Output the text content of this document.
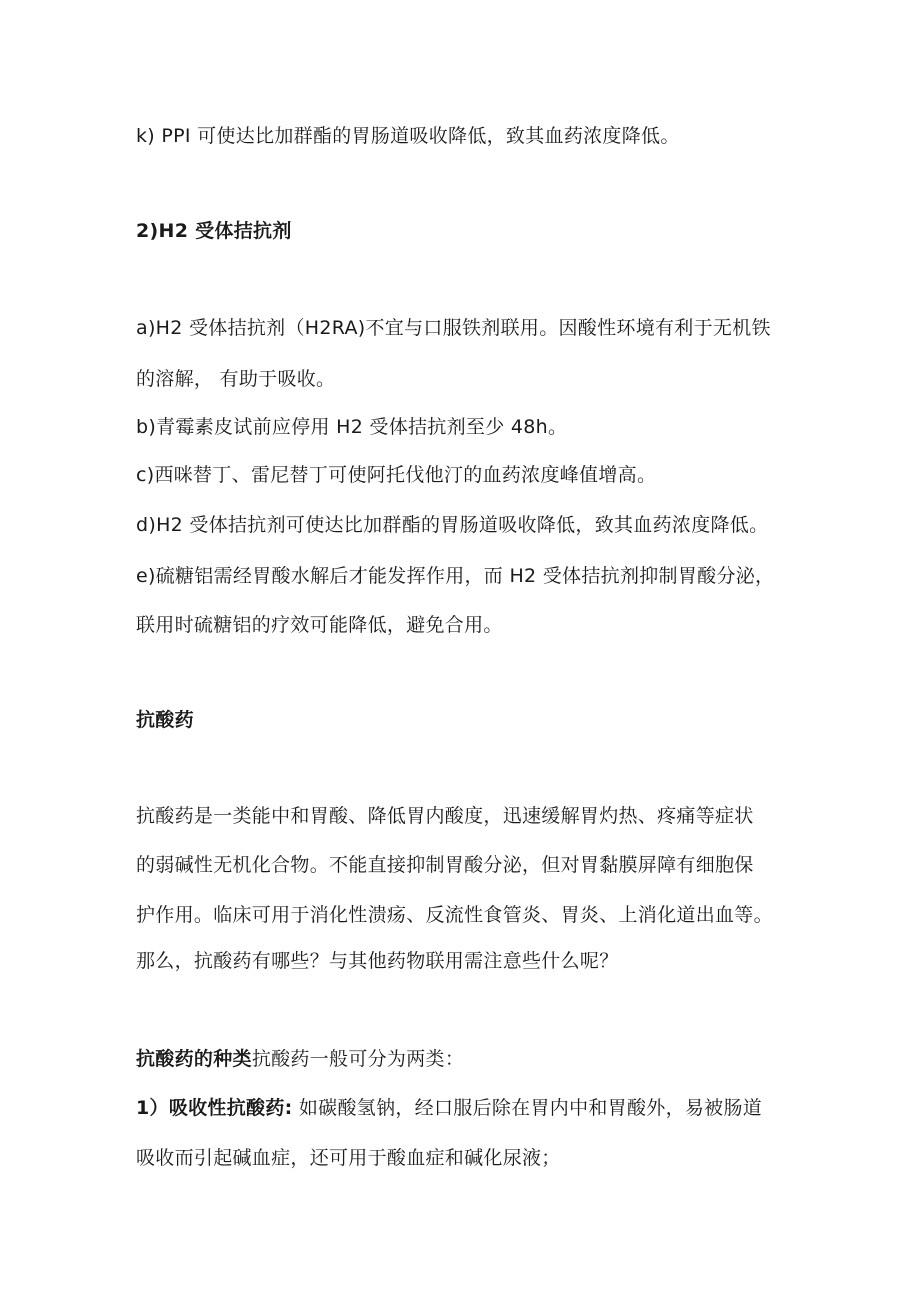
k) PPI 可使达比加群酯的胃肠道吸收降低，致其血药浓度降低。
2)H2 受体拮抗剂
a)H2 受体拮抗剂（H2RA)不宜与口服铁剂联用。因酸性环境有利于无机铁
的溶解， 有助于吸收。
b)青霉素皮试前应停用 H2 受体拮抗剂至少 48h。
c)西咪替丁、雷尼替丁可使阿托伐他汀的血药浓度峰值增高。
d)H2 受体拮抗剂可使达比加群酯的胃肠道吸收降低，致其血药浓度降低。
e)硫糖铝需经胃酸水解后才能发挥作用，而 H2 受体拮抗剂抑制胃酸分泌，
联用时硫糖铝的疗效可能降低，避免合用。
抗酸药
抗酸药是一类能中和胃酸、降低胃内酸度，迅速缓解胃灼热、疼痛等症状
的弱碱性无机化合物。不能直接抑制胃酸分泌，但对胃黏膜屏障有细胞保
护作用。临床可用于消化性溃疡、反流性食管炎、胃炎、上消化道出血等。
那么，抗酸药有哪些？与其他药物联用需注意些什么呢？
抗酸药的种类抗酸药一般可分为两类：
1）吸收性抗酸药: 如碳酸氢钠，经口服后除在胃内中和胃酸外，易被肠道
吸收而引起碱血症，还可用于酸血症和碱化尿液；
